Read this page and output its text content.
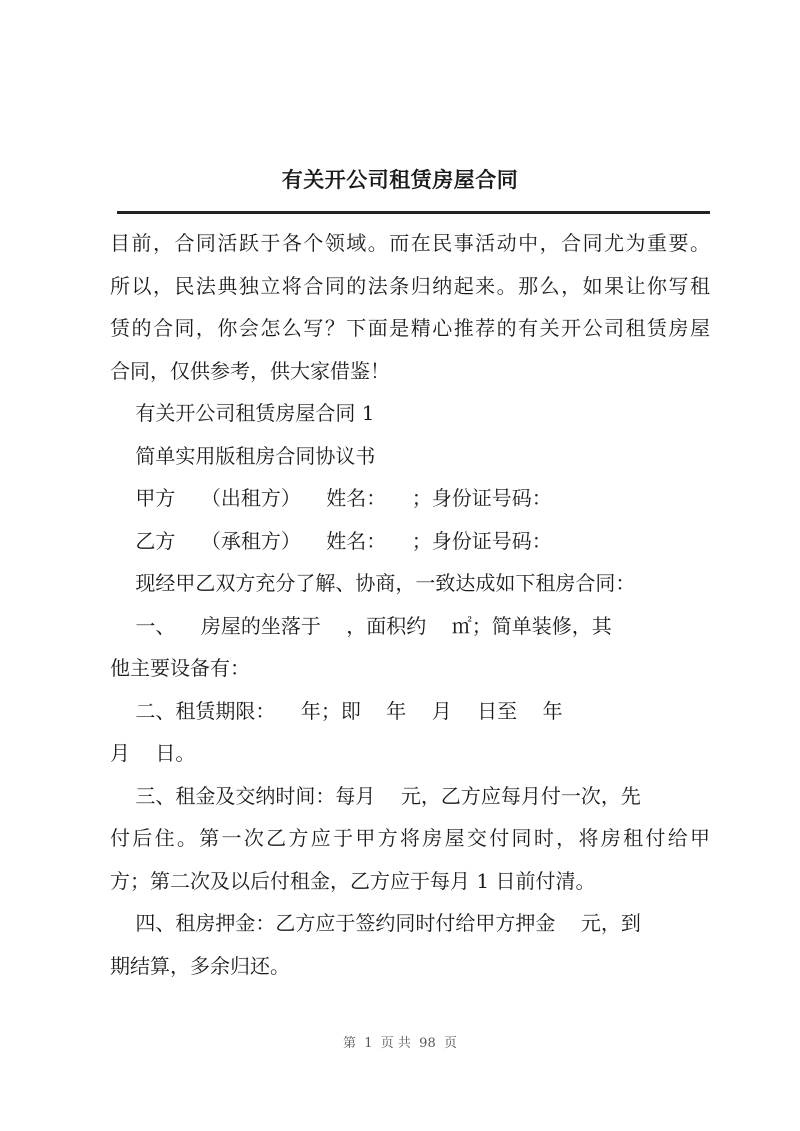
有关开公司租赁房屋合同
目前，合同活跃于各个领域。而在民事活动中，合同尤为重要。
所以，民法典独立将合同的法条归纳起来。那么，如果让你写租
赁的合同，你会怎么写？下面是精心推荐的有关开公司租赁房屋
合同，仅供参考，供大家借鉴！
有关开公司租赁房屋合同 1
简单实用版租房合同协议书
甲方    （出租方）    姓名：    ；身份证号码：
乙方    （承租方）    姓名：    ；身份证号码：
现经甲乙双方充分了解、协商，一致达成如下租房合同：
一、    房屋的坐落于    ，面积约    ㎡；简单装修，其
他主要设备有：
二、租赁期限：    年；即    年    月    日至    年
月    日。
三、租金及交纳时间：每月    元，乙方应每月付一次，先
付后住。第一次乙方应于甲方将房屋交付同时，将房租付给甲
方；第二次及以后付租金，乙方应于每月 1 日前付清。
四、租房押金：乙方应于签约同时付给甲方押金    元，到
期结算，多余归还。
第  1  页 共  98  页
